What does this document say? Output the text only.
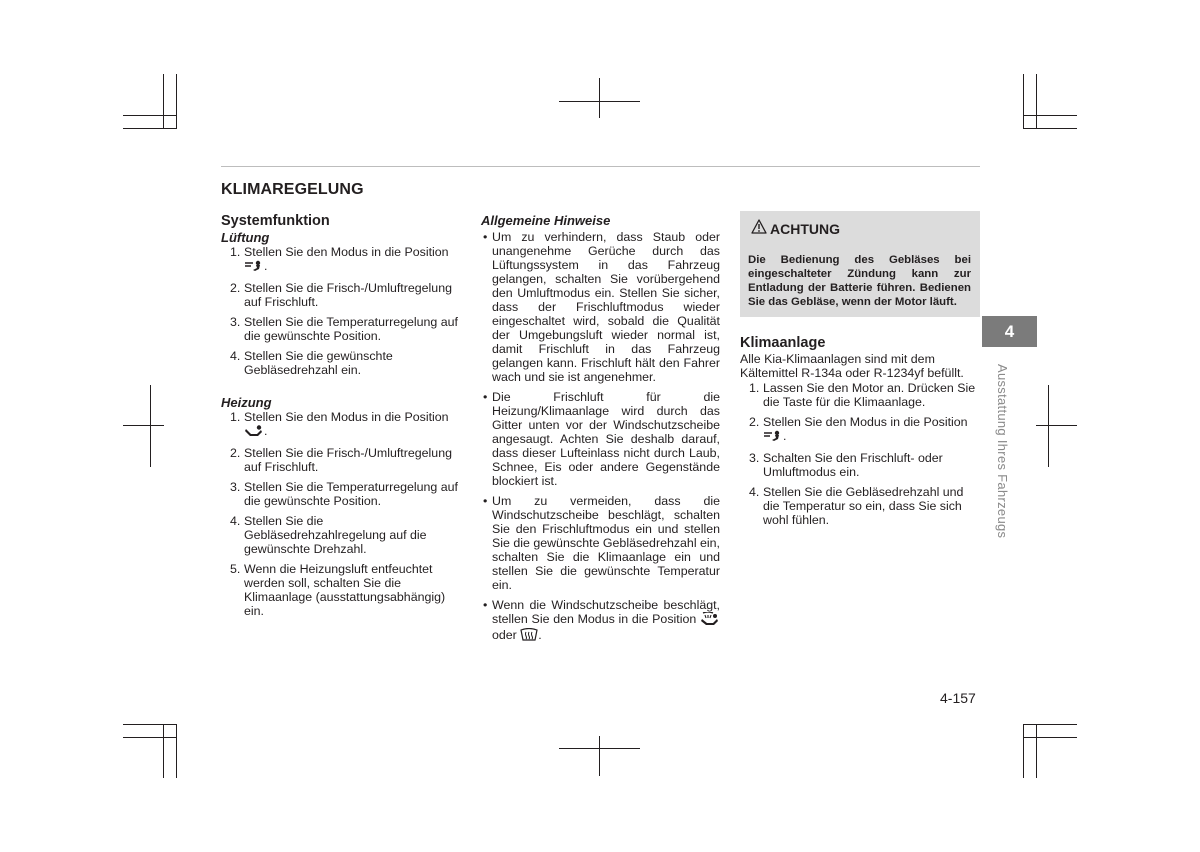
KLIMAREGELUNG
Systemfunktion
Lüftung
1. Stellen Sie den Modus in die Position .
2. Stellen Sie die Frisch-/Umluftregelung auf Frischluft.
3. Stellen Sie die Temperaturregelung auf die gewünschte Position.
4. Stellen Sie die gewünschte Gebläsedrehzahl ein.
Heizung
1. Stellen Sie den Modus in die Position .
2. Stellen Sie die Frisch-/Umluftregelung auf Frischluft.
3. Stellen Sie die Temperaturregelung auf die gewünschte Position.
4. Stellen Sie die Gebläsedrehzahlregelung auf die gewünschte Drehzahl.
5. Wenn die Heizungsluft entfeuchtet werden soll, schalten Sie die Klimaanlage (ausstattungsabhängig) ein.
Allgemeine Hinweise
• Um zu verhindern, dass Staub oder unangenehme Gerüche durch das Lüftungssystem in das Fahrzeug gelangen, schalten Sie vorübergehend den Umluftmodus ein. Stellen Sie sicher, dass der Frischluftmodus wieder eingeschaltet wird, sobald die Qualität der Umgebungsluft wieder normal ist, damit Frischluft in das Fahrzeug gelangen kann. Frischluft hält den Fahrer wach und sie ist angenehmer.
• Die Frischluft für die Heizung/Klimaanlage wird durch das Gitter unten vor der Windschutzscheibe angesaugt. Achten Sie deshalb darauf, dass dieser Lufteinlass nicht durch Laub, Schnee, Eis oder andere Gegenstände blockiert ist.
• Um zu vermeiden, dass die Windschutzscheibe beschlägt, schalten Sie den Frischluftmodus ein und stellen Sie die gewünschte Gebläsedrehzahl ein, schalten Sie die Klimaanlage ein und stellen Sie die gewünschte Temperatur ein.
• Wenn die Windschutzscheibe beschlägt, stellen Sie den Modus in die Position  oder .
ACHTUNG
Die Bedienung des Gebläses bei eingeschalteter Zündung kann zur Entladung der Batterie führen. Bedienen Sie das Gebläse, wenn der Motor läuft.
Klimaanlage
Alle Kia-Klimaanlagen sind mit dem Kältemittel R-134a oder R-1234yf befüllt.
1. Lassen Sie den Motor an. Drücken Sie die Taste für die Klimaanlage.
2. Stellen Sie den Modus in die Position .
3. Schalten Sie den Frischluft- oder Umluftmodus ein.
4. Stellen Sie die Gebläsedrehzahl und die Temperatur so ein, dass Sie sich wohl fühlen.
4
Ausstattung Ihres Fahrzeugs
4-157
